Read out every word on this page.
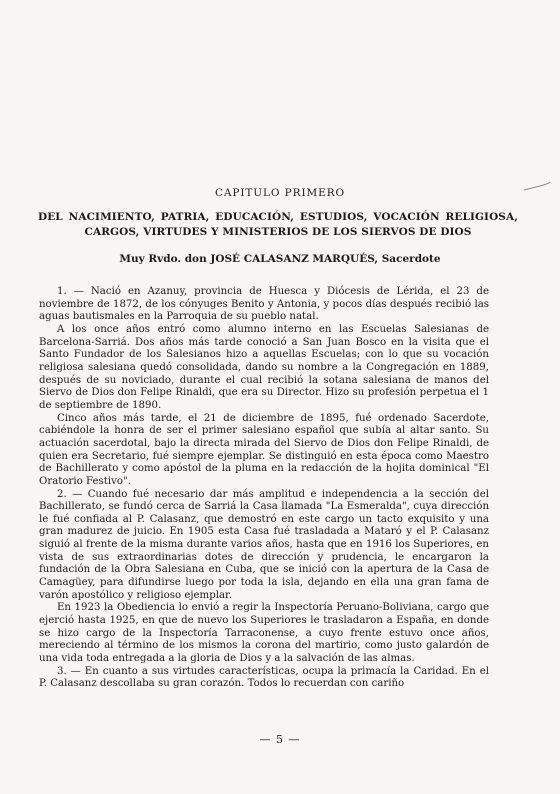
CAPITULO PRIMERO
DEL NACIMIENTO, PATRIA, EDUCACIÓN, ESTUDIOS, VOCACIÓN RELIGIOSA, CARGOS, VIRTUDES Y MINISTERIOS DE LOS SIERVOS DE DIOS
Muy Rvdo. don JOSÉ CALASANZ MARQUÉS, Sacerdote

1. — Nació en Azanuy, provincia de Huesca y Diócesis de Lérida, el 23 de noviembre de 1872, de los cónyuges Benito y Antonia, y pocos días después recibió las aguas bautismales en la Parroquia de su pueblo natal.

A los once años entró como alumno interno en las Escuelas Salesianas de Barcelona-Sarriá. Dos años más tarde conoció a San Juan Bosco en la visita que el Santo Fundador de los Salesianos hizo a aquellas Escuelas; con lo que su vocación religiosa salesiana quedó consolidada, dando su nombre a la Congregación en 1889, después de su noviciado, durante el cual recibió la sotana salesiana de manos del Siervo de Dios don Felipe Rinaldi, que era su Director. Hizo su profesión perpetua el 1 de septiembre de 1890.

Cinco años más tarde, el 21 de diciembre de 1895, fué ordenado Sacerdote, cabiéndole la honra de ser el primer salesiano español que subía al altar santo. Su actuación sacerdotal, bajo la directa mirada del Siervo de Dios don Felipe Rinaldi, de quien era Secretario, fué siempre ejemplar. Se distinguió en esta época como Maestro de Bachillerato y como apóstol de la pluma en la redacción de la hojita dominical "El Oratorio Festivo".

2. — Cuando fué necesario dar más amplitud e independencia a la sección del Bachillerato, se fundó cerca de Sarriá la Casa llamada "La Esmeralda", cuya dirección le fué confiada al P. Calasanz, que demostró en este cargo un tacto exquisito y una gran madurez de juicio. En 1905 esta Casa fué trasladada a Mataró y el P. Calasanz siguió al frente de la misma durante varios años, hasta que en 1916 los Superiores, en vista de sus extraordinarias dotes de dirección y prudencia, le encargaron la fundación de la Obra Salesiana en Cuba, que se inició con la apertura de la Casa de Camagüey, para difundirse luego por toda la isla, dejando en ella una gran fama de varón apostólico y religioso ejemplar.

En 1923 la Obediencia lo envió a regir la Inspectoría Peruano-Boliviana, cargo que ejerció hasta 1925, en que de nuevo los Superiores le trasladaron a España, en donde se hizo cargo de la Inspectoría Tarraconense, a cuyo frente estuvo once años, mereciendo al término de los mismos la corona del martirio, como justo galardón de una vida toda entregada a la gloria de Dios y a la salvación de las almas.

3. — En cuanto a sus virtudes características, ocupa la primacía la Caridad. En el P. Calasanz descollaba su gran corazón. Todos lo recuerdan con cariño

— 5 —
